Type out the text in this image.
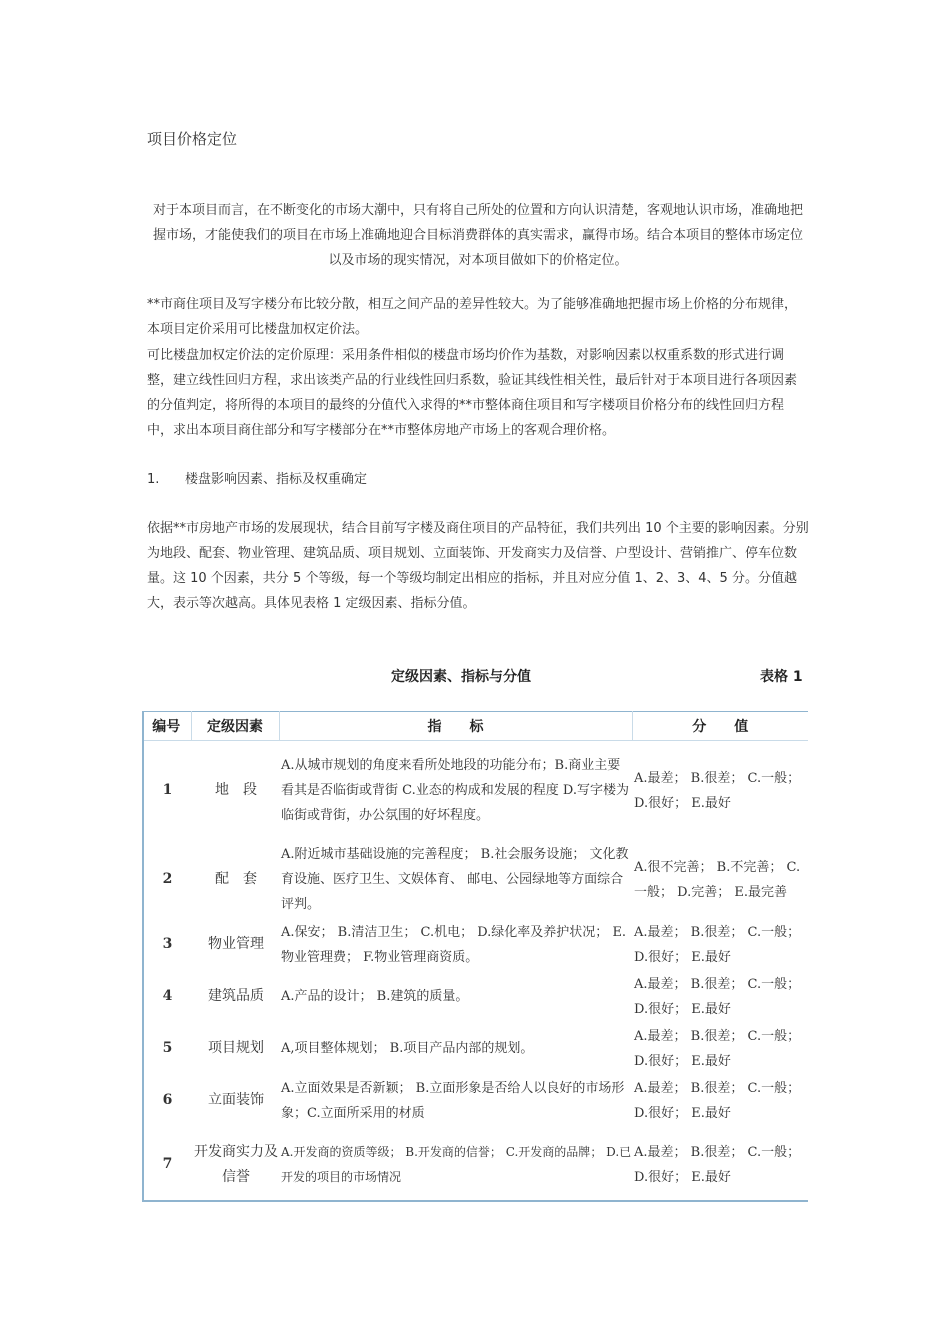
项目价格定位
对于本项目而言，在不断变化的市场大潮中，只有将自己所处的位置和方向认识清楚，客观地认识市场，准确地把握市场，才能使我们的项目在市场上准确地迎合目标消费群体的真实需求，赢得市场。结合本项目的整体市场定位以及市场的现实情况，对本项目做如下的价格定位。
**市商住项目及写字楼分布比较分散，相互之间产品的差异性较大。为了能够准确地把握市场上价格的分布规律，本项目定价采用可比楼盘加权定价法。
可比楼盘加权定价法的定价原理：采用条件相似的楼盘市场均价作为基数，对影响因素以权重系数的形式进行调整，建立线性回归方程，求出该类产品的行业线性回归系数，验证其线性相关性，最后针对于本项目进行各项因素的分值判定，将所得的本项目的最终的分值代入求得的**市整体商住项目和写字楼项目价格分布的线性回归方程中，求出本项目商住部分和写字楼部分在**市整体房地产市场上的客观合理价格。
1. 楼盘影响因素、指标及权重确定
依据**市房地产市场的发展现状，结合目前写字楼及商住项目的产品特征，我们共列出 10 个主要的影响因素。分别为地段、配套、物业管理、建筑品质、项目规划、立面装饰、开发商实力及信誉、户型设计、营销推广、停车位数量。这 10 个因素，共分 5 个等级，每一个等级均制定出相应的指标，并且对应分值 1、2、3、4、5 分。分值越大，表示等次越高。具体见表格 1 定级因素、指标分值。
定级因素、指标与分值	表格 1
编号	定级因素	指　　标	分　　值
1	地　段	A.从城市规划的角度来看所处地段的功能分布；B.商业主要看其是否临街或背街 C.业态的构成和发展的程度 D.写字楼为临街或背街，办公氛围的好坏程度。	A.最差； B.很差； C.一般； D.很好； E.最好
2	配　套	A.附近城市基础设施的完善程度； B.社会服务设施； 文化教育设施、医疗卫生、文娱体育、 邮电、公园绿地等方面综合评判。	A.很不完善； B.不完善； C.一般； D.完善； E.最完善
3	物业管理	A.保安； B.清洁卫生； C.机电； D.绿化率及养护状况； E.物业管理费； F.物业管理商资质。	A.最差； B.很差； C.一般； D.很好； E.最好
4	建筑品质	A.产品的设计； B.建筑的质量。	A.最差； B.很差； C.一般； D.很好； E.最好
5	项目规划	A,项目整体规划； B.项目产品内部的规划。	A.最差； B.很差； C.一般； D.很好； E.最好
6	立面装饰	A.立面效果是否新颖； B.立面形象是否给人以良好的市场形象；C.立面所采用的材质	A.最差； B.很差； C.一般； D.很好； E.最好
7	开发商实力及信誉	A.开发商的资质等级； B.开发商的信誉； C.开发商的品牌； D.已开发的项目的市场情况	A.最差； B.很差； C.一般； D.很好； E.最好
